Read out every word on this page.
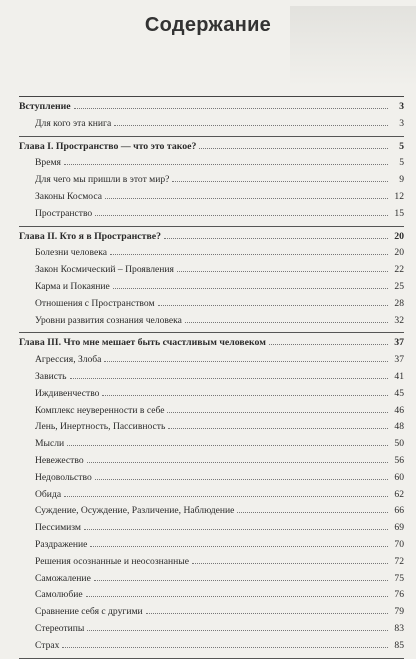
Содержание
Вступление	3
Для кого эта книга	3
Глава I. Пространство — что это такое?	5
Время	5
Для чего мы пришли в этот мир?	9
Законы Космоса	12
Пространство	15
Глава II. Кто я в Пространстве?	20
Болезни человека	20
Закон Космический – Проявления	22
Карма и Покаяние	25
Отношения с Пространством	28
Уровни развития сознания человека	32
Глава III. Что мне мешает быть счастливым человеком	37
Агрессия, Злоба	37
Зависть	41
Иждивенчество	45
Комплекс неуверенности в себе	46
Лень, Инертность, Пассивность	48
Мысли	50
Невежество	56
Недовольство	60
Обида	62
Суждение, Осуждение, Различение, Наблюдение	66
Пессимизм	69
Раздражение	70
Решения осознанные и неосознанные	72
Саможаление	75
Самолюбие	76
Сравнение себя с другими	79
Стереотипы	83
Страх	85
